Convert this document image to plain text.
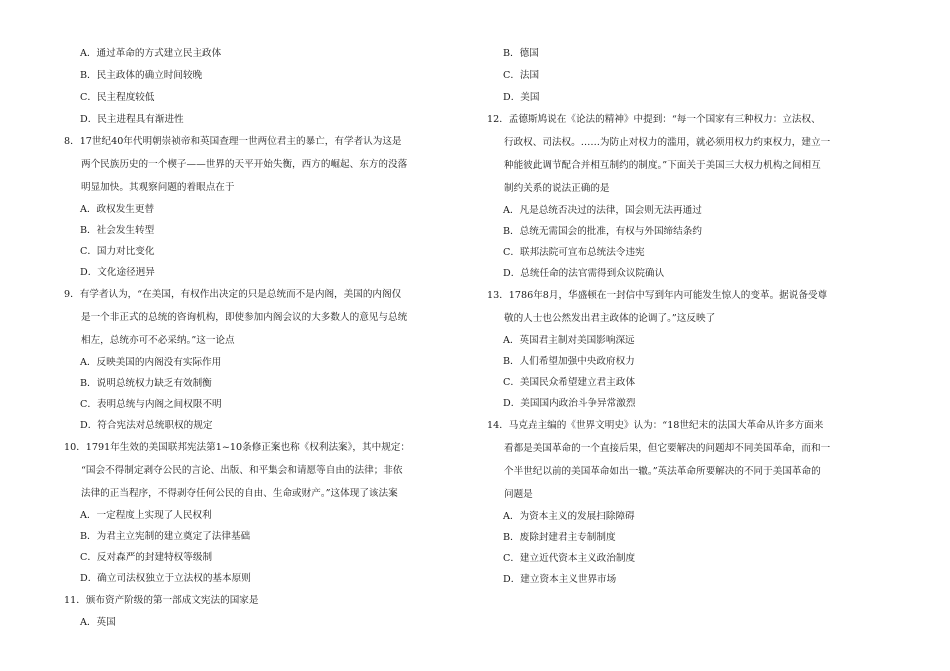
A．通过革命的方式建立民主政体
B．民主政体的确立时间较晚
C．民主程度较低
D．民主进程具有渐进性
8．17世纪40年代明朝崇祯帝和英国查理一世两位君主的暴亡，有学者认为这是
两个民族历史的一个楔子——世界的天平开始失衡，西方的崛起、东方的没落
明显加快。其观察问题的着眼点在于
A．政权发生更替
B．社会发生转型
C．国力对比变化
D．文化途径迥异
9．有学者认为，“在美国，有权作出决定的只是总统而不是内阁，美国的内阁仅
是一个非正式的总统的咨询机构，即使参加内阁会议的大多数人的意见与总统
相左，总统亦可不必采纳。”这一论点
A．反映美国的内阁没有实际作用
B．说明总统权力缺乏有效制衡
C．表明总统与内阁之间权限不明
D．符合宪法对总统职权的规定
10．1791年生效的美国联邦宪法第1~10条修正案也称《权利法案》，其中规定：
“国会不得制定剥夺公民的言论、出版、和平集会和请愿等自由的法律；非依
法律的正当程序，不得剥夺任何公民的自由、生命或财产。”这体现了该法案
A．一定程度上实现了人民权利
B．为君主立宪制的建立奠定了法律基础
C．反对森严的封建特权等级制
D．确立司法权独立于立法权的基本原则
11．颁布资产阶级的第一部成文宪法的国家是
A．英国
B．德国
C．法国
D．美国
12．孟德斯鸠说在《论法的精神》中提到：“每一个国家有三种权力：立法权、
行政权、司法权。……为防止对权力的滥用，就必须用权力约束权力，建立一
种能彼此调节配合并相互制约的制度。”下面关于美国三大权力机构之间相互
制约关系的说法正确的是
A．凡是总统否决过的法律，国会则无法再通过
B．总统无需国会的批准，有权与外国缔结条约
C．联邦法院可宣布总统法令违宪
D．总统任命的法官需得到众议院确认
13．1786年8月，华盛顿在一封信中写到年内可能发生惊人的变革。据说备受尊
敬的人士也公然发出君主政体的论调了。”这反映了
A．英国君主制对美国影响深远
B．人们希望加强中央政府权力
C．美国民众希望建立君主政体
D．美国国内政治斗争异常激烈
14．马克垚主编的《世界文明史》认为：“18世纪末的法国大革命从许多方面来
看都是美国革命的一个直接后果，但它要解决的问题却不同美国革命，而和一
个半世纪以前的美国革命如出一辙。”英法革命所要解决的不同于美国革命的
问题是
A．为资本主义的发展扫除障碍
B．废除封建君主专制制度
C．建立近代资本主义政治制度
D．建立资本主义世界市场
